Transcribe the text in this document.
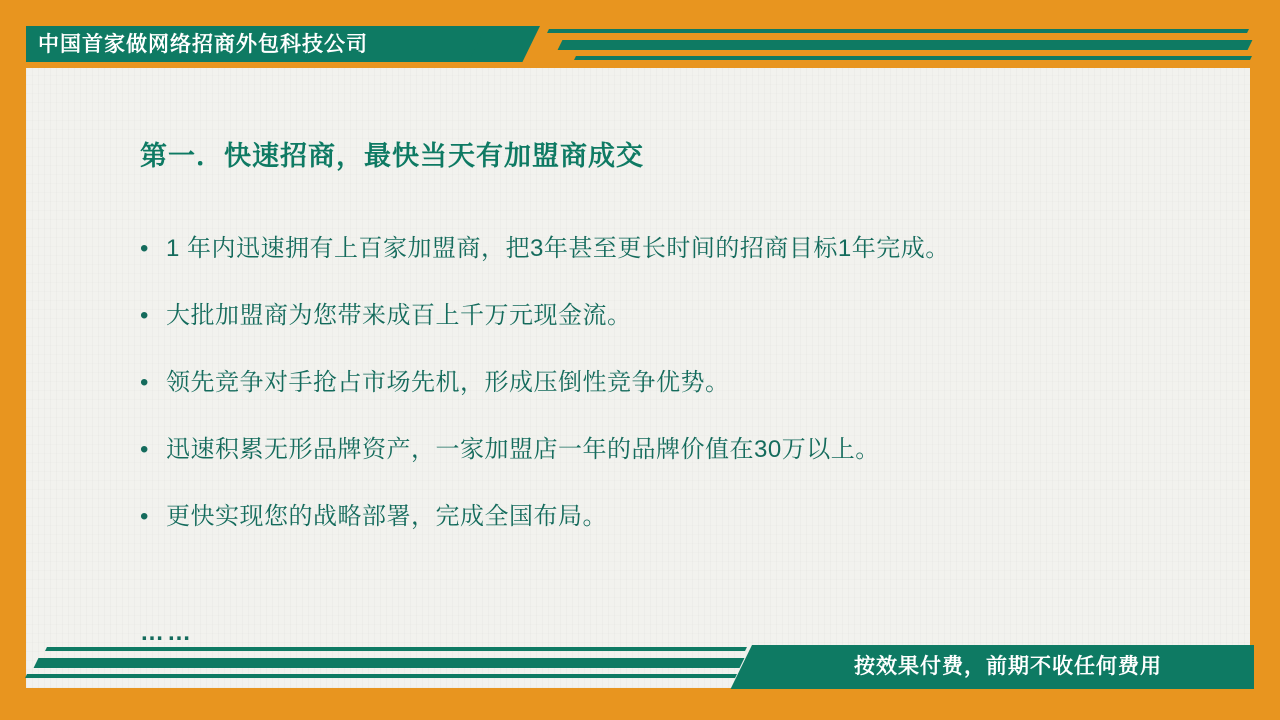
中国首家做网络招商外包科技公司
第一．快速招商，最快当天有加盟商成交
• 1 年内迅速拥有上百家加盟商，把3年甚至更长时间的招商目标1年完成。
• 大批加盟商为您带来成百上千万元现金流。
• 领先竞争对手抢占市场先机，形成压倒性竞争优势。
• 迅速积累无形品牌资产，一家加盟店一年的品牌价值在30万以上。
• 更快实现您的战略部署，完成全国布局。
……
按效果付费，前期不收任何费用
